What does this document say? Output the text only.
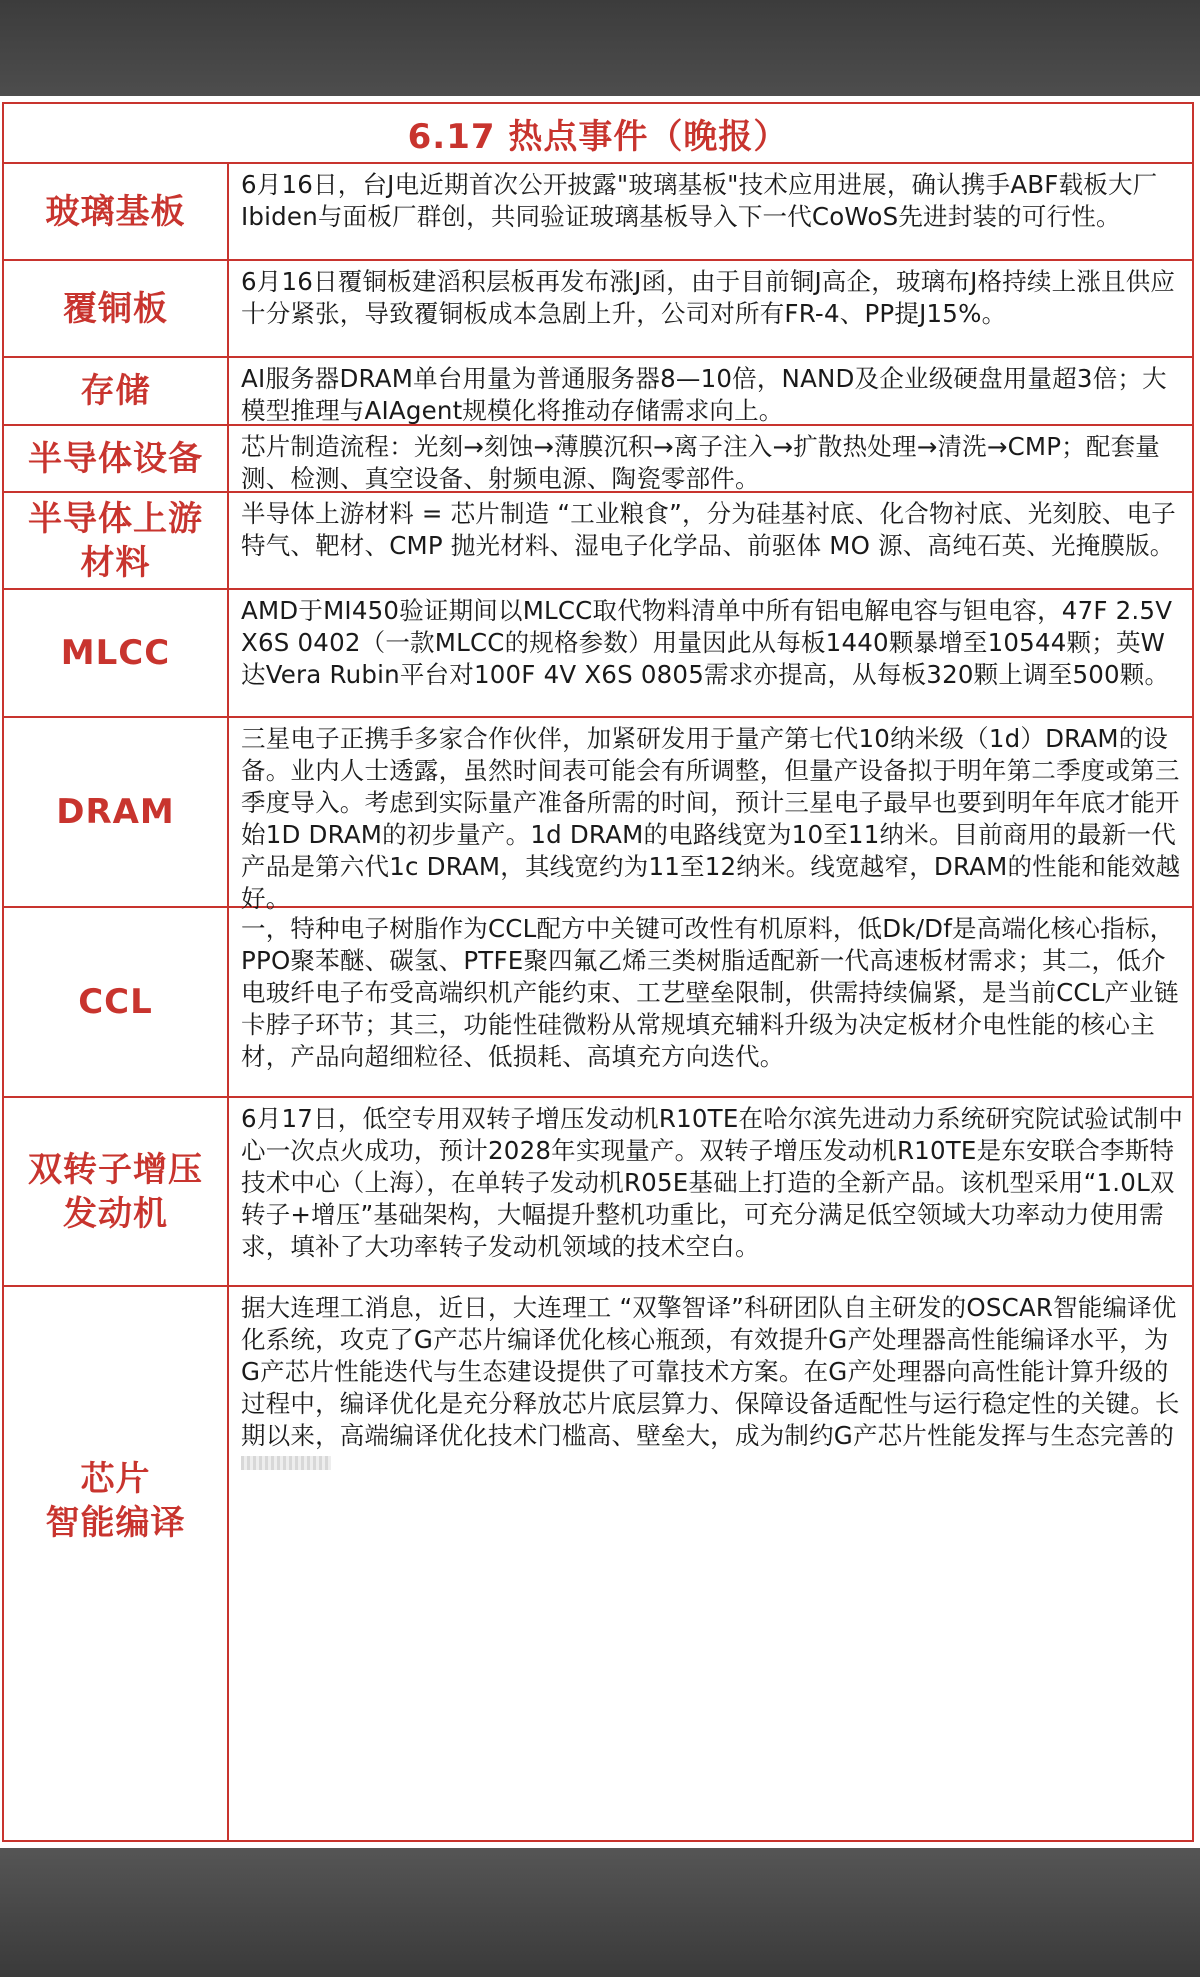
6.17 热点事件（晚报）
玻璃基板
6月16日，台J电近期首次公开披露"玻璃基板"技术应用进展，确认携手ABF载板大厂Ibiden与面板厂群创，共同验证玻璃基板导入下一代CoWoS先进封装的可行性。
覆铜板
6月16日覆铜板建滔积层板再发布涨J函，由于目前铜J高企，玻璃布J格持续上涨且供应十分紧张，导致覆铜板成本急剧上升，公司对所有FR-4、PP提J15%。
存储	AI服务器DRAM单台用量为普通服务器8—10倍，NAND及企业级硬盘用量超3倍；大模型推理与AIAgent规模化将推动存储需求向上。
半导体设备 芯片制造流程：光刻→刻蚀→薄膜沉积→离子注入→扩散热处理→清洗→CMP；配套量测、检测、真空设备、射频电源、陶瓷零部件。
半导体上游
材料
半导体上游材料 = 芯片制造 “工业粮食”，分为硅基衬底、化合物衬底、光刻胶、电子特气、靶材、CMP 抛光材料、湿电子化学品、前驱体 MO 源、高纯石英、光掩膜版。
MLCC
AMD于MI450验证期间以MLCC取代物料清单中所有铝电解电容与钽电容，47F 2.5V X6S 0402（一款MLCC的规格参数）用量因此从每板1440颗暴增至10544颗；英W达Vera Rubin平台对100F 4V X6S 0805需求亦提高，从每板320颗上调至500颗。
DRAM
三星电子正携手多家合作伙伴，加紧研发用于量产第七代10纳米级（1d）DRAM的设备。业内人士透露，虽然时间表可能会有所调整，但量产设备拟于明年第二季度或第三季度导入。考虑到实际量产准备所需的时间，预计三星电子最早也要到明年年底才能开始1D DRAM的初步量产。1d DRAM的电路线宽为10至11纳米。目前商用的最新一代产品是第六代1c DRAM，其线宽约为11至12纳米。线宽越窄，DRAM的性能和能效越好。
CCL
一，特种电子树脂作为CCL配方中关键可改性有机原料，低Dk/Df是高端化核心指标，PPO聚苯醚、碳氢、PTFE聚四氟乙烯三类树脂适配新一代高速板材需求；其二，低介电玻纤电子布受高端织机产能约束、工艺壁垒限制，供需持续偏紧，是当前CCL产业链卡脖子环节；其三，功能性硅微粉从常规填充辅料升级为决定板材介电性能的核心主材，产品向超细粒径、低损耗、高填充方向迭代。
双转子增压
发动机
6月17日，低空专用双转子增压发动机R10TE在哈尔滨先进动力系统研究院试验试制中心一次点火成功，预计2028年实现量产。双转子增压发动机R10TE是东安联合李斯特技术中心（上海），在单转子发动机R05E基础上打造的全新产品。该机型采用“1.0L双转子+增压”基础架构，大幅提升整机功重比，可充分满足低空领域大功率动力使用需求，填补了大功率转子发动机领域的技术空白。
芯片
智能编译
据大连理工消息，近日，大连理工 “双擎智译”科研团队自主研发的OSCAR智能编译优化系统，攻克了G产芯片编译优化核心瓶颈，有效提升G产处理器高性能编译水平，为G产芯片性能迭代与生态建设提供了可靠技术方案。在G产处理器向高性能计算升级的过程中，编译优化是充分释放芯片底层算力、保障设备适配性与运行稳定性的关键。长期以来，高端编译优化技术门槛高、壁垒大，成为制约G产芯片性能发挥与生态完善的
